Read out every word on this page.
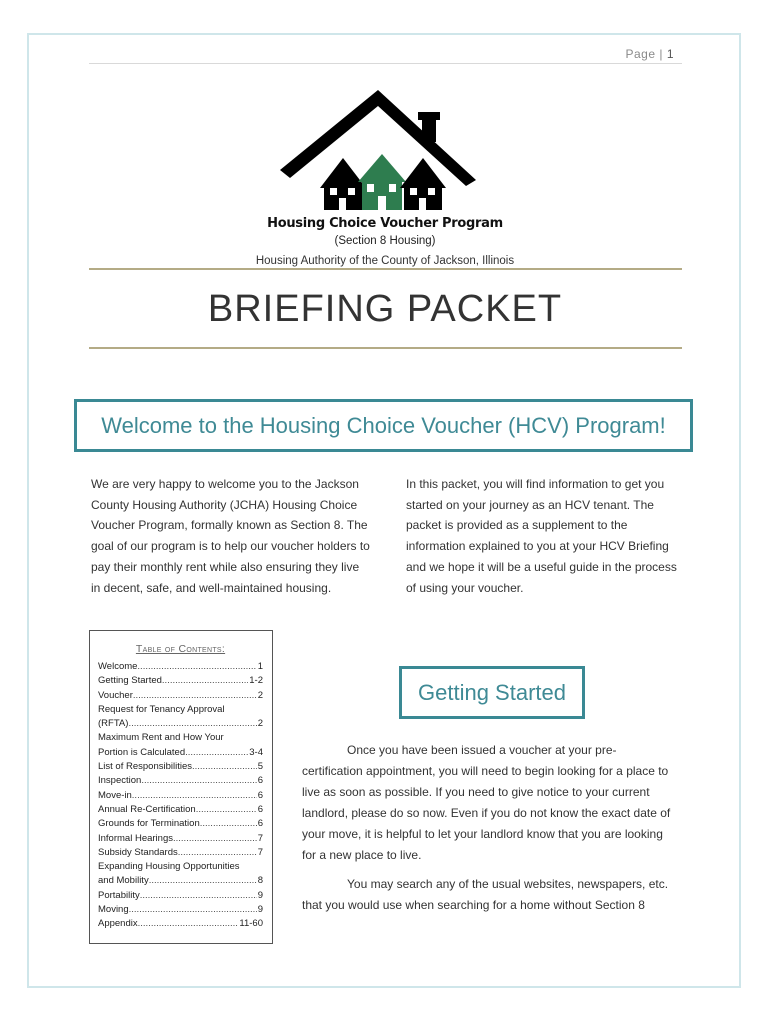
Page | 1
Housing Choice Voucher Program
(Section 8 Housing)
Housing Authority of the County of Jackson, Illinois
BRIEFING PACKET
Welcome to the Housing Choice Voucher (HCV) Program!
We are very happy to welcome you to the Jackson County Housing Authority (JCHA) Housing Choice Voucher Program, formally known as Section 8. The goal of our program is to help our voucher holders to pay their monthly rent while also ensuring they live in decent, safe, and well-maintained housing.
In this packet, you will find information to get you started on your journey as an HCV tenant. The packet is provided as a supplement to the information explained to you at your HCV Briefing and we hope it will be a useful guide in the process of using your voucher.
Table of Contents:
Welcome .....	1
Getting Started .....	1-2
Voucher .....	2
Request for Tenancy Approval
(RFTA) .....	2
Maximum Rent and How Your
Portion is Calculated .....	3-4
List of Responsibilities .....	5
Inspection .....	6
Move-in .....	6
Annual Re-Certification .....	6
Grounds for Termination .....	6
Informal Hearings .....	7
Subsidy Standards .....	7
Expanding Housing Opportunities
and Mobility .....	8
Portability .....	9
Moving .....	9
Appendix .....	11-60
Getting Started

Once you have been issued a voucher at your pre-certification appointment, you will need to begin looking for a place to live as soon as possible. If you need to give notice to your current landlord, please do so now. Even if you do not know the exact date of your move, it is helpful to let your landlord know that you are looking for a new place to live.

You may search any of the usual websites, newspapers, etc. that you would use when searching for a home without Section 8
